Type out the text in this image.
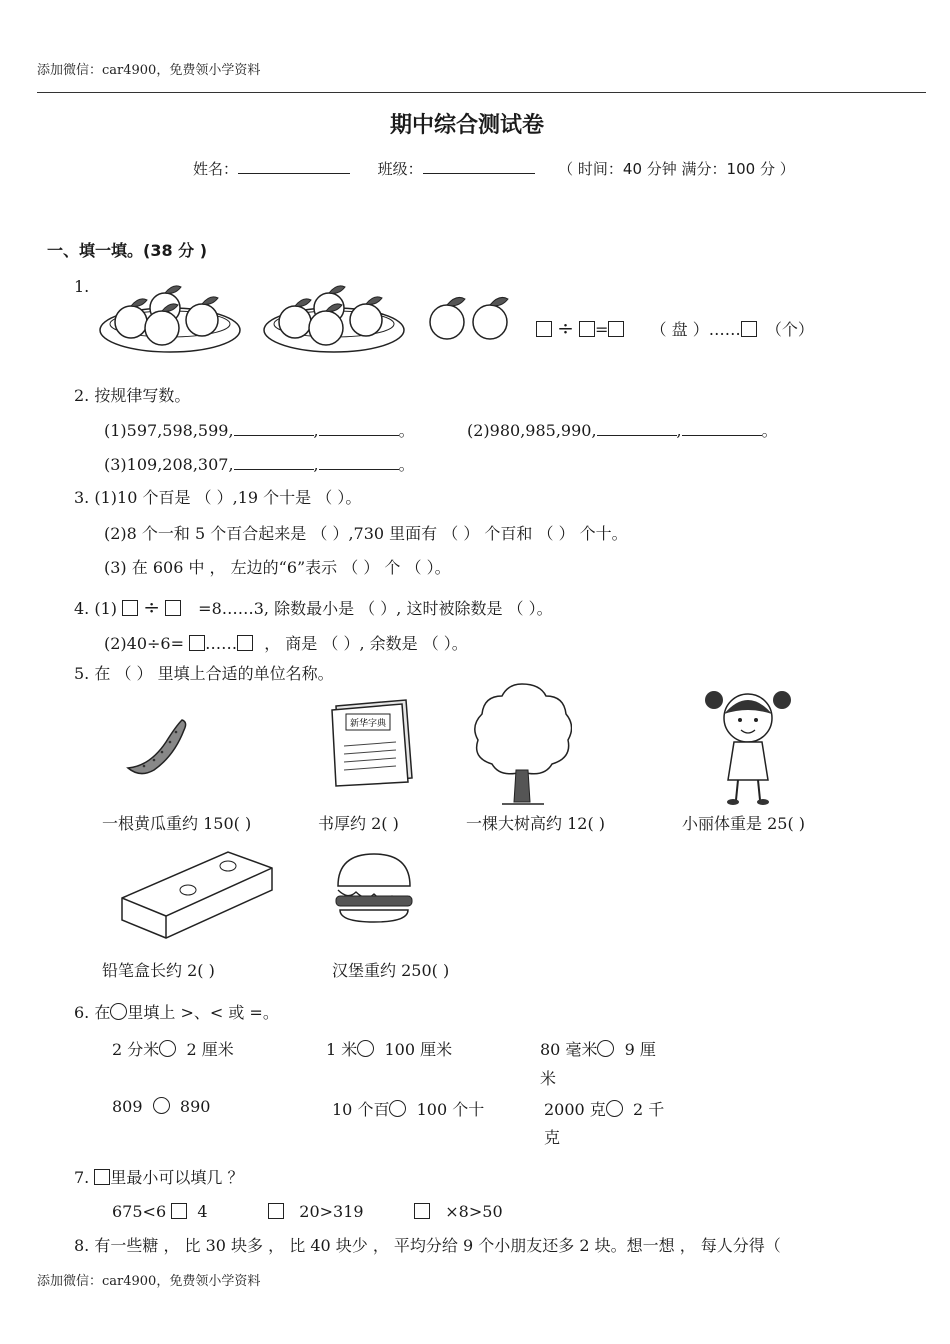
添加微信：car4900，免费领小学资料
期中综合测试卷
姓名：	班级：	（ 时间：40 分钟 满分：100 分 ）
一、填一填。(38 分 )
1.
÷ =	（ 盘 ）…… （个）
2. 按规律写数。
(1)597,598,599,	,	。	(2)980,985,990,	,	。
(3)109,208,307,	,	。
3. (1)10 个百是 （ ）,19 个十是 （ ）。
(2)8 个一和 5 个百合起来是 （ ）,730 里面有 （ ） 个百和 （ ） 个十。
(3) 在 606 中 ， 左边的“6”表示 （ ） 个 （ ）。
4. (1) ÷ =8……3, 除数最小是 （ ）, 这时被除数是 （ ）。
(2)40÷6= …… ， 商是 （ ）, 余数是 （ ）。
5. 在 （ ） 里填上合适的单位名称。
新华字典
一根黄瓜重约 150( )	书厚约 2( )	一棵大树高约 12( )	小丽体重是 25( )
铅笔盒长约 2( )	汉堡重约 250( )
6. 在 里填上 >、< 或 =。
2 分米 2 厘米	1 米 100 厘米	80 毫米 9 厘
米
809 890	10 个百 100 个十	2000 克 2 千
克
7. 里最小可以填几 ？
675<6 4	20>319	×8>50
8. 有一些糖 ， 比 30 块多 ， 比 40 块少 ， 平均分给 9 个小朋友还多 2 块。想一想 ， 每人分得（
添加微信：car4900，免费领小学资料
